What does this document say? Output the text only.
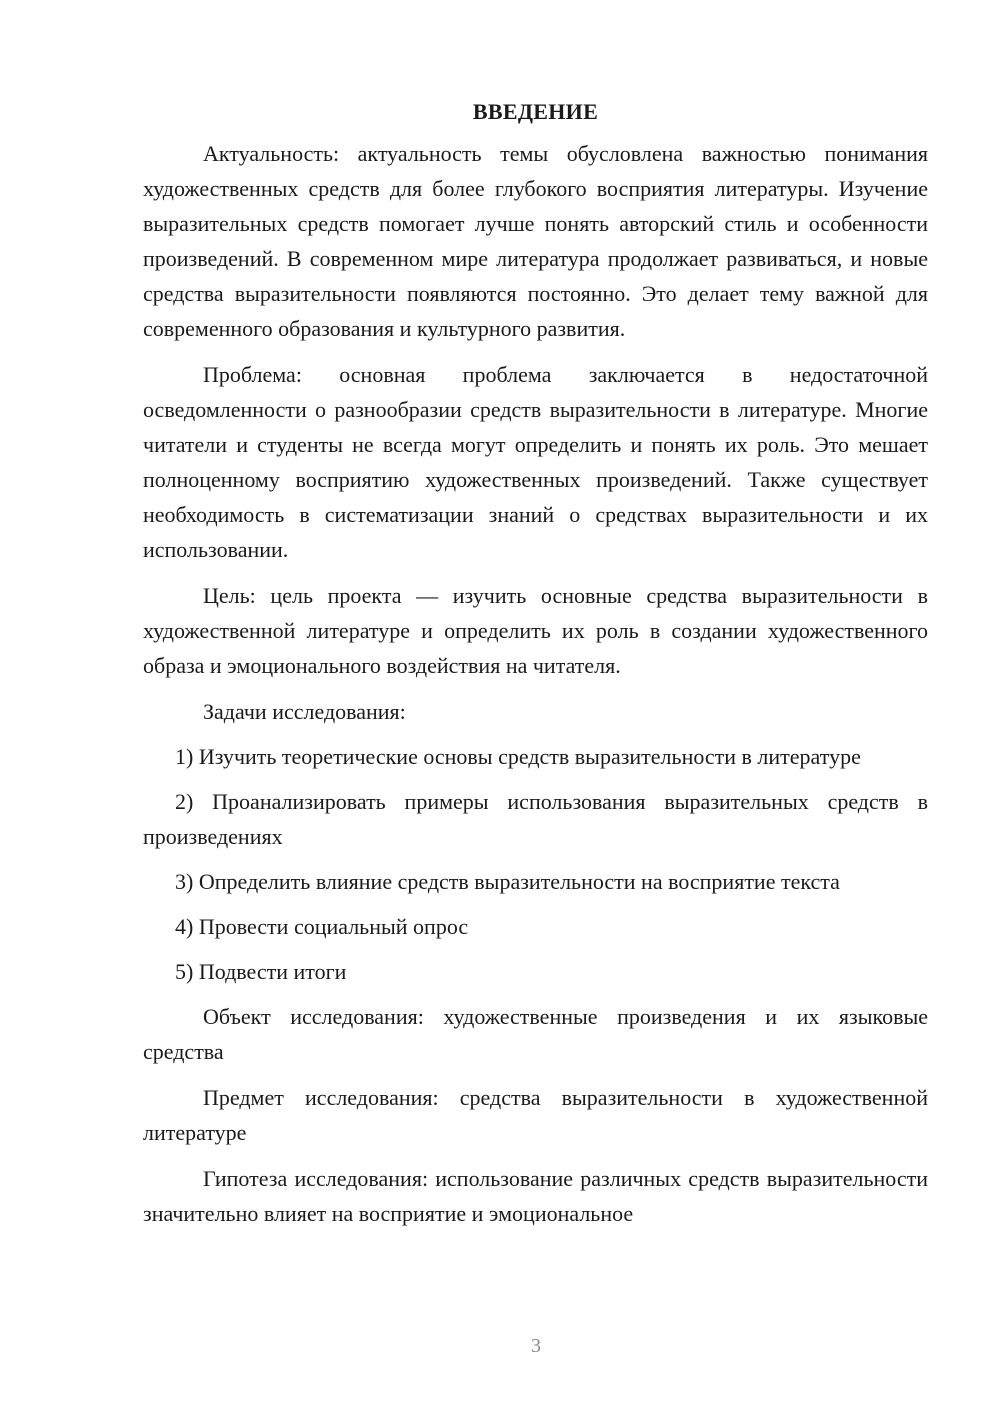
ВВЕДЕНИЕ

Актуальность: актуальность темы обусловлена важностью понимания художественных средств для более глубокого восприятия литературы. Изучение выразительных средств помогает лучше понять авторский стиль и особенности произведений. В современном мире литература продолжает развиваться, и новые средства выразительности появляются постоянно. Это делает тему важной для современного образования и культурного развития.

Проблема: основная проблема заключается в недостаточной осведомленности о разнообразии средств выразительности в литературе. Многие читатели и студенты не всегда могут определить и понять их роль. Это мешает полноценному восприятию художественных произведений. Также существует необходимость в систематизации знаний о средствах выразительности и их использовании.

Цель: цель проекта — изучить основные средства выразительности в художественной литературе и определить их роль в создании художественного образа и эмоционального воздействия на читателя.

Задачи исследования:

1) Изучить теоретические основы средств выразительности в литературе

2) Проанализировать примеры использования выразительных средств в произведениях

3) Определить влияние средств выразительности на восприятие текста

4) Провести социальный опрос

5) Подвести итоги

Объект исследования: художественные произведения и их языковые средства

Предмет исследования: средства выразительности в художественной литературе

Гипотеза исследования: использование различных средств выразительности значительно влияет на восприятие и эмоциональное

3
